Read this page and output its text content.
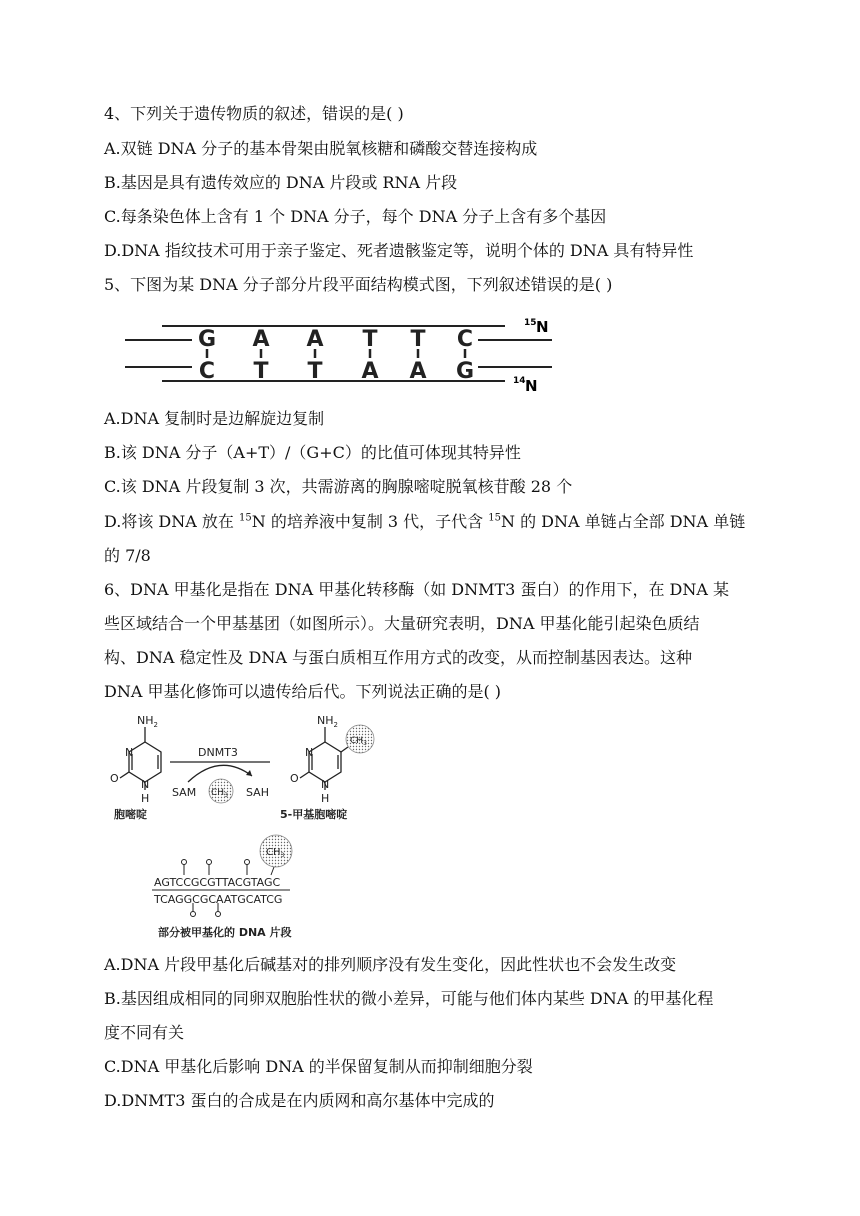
4、下列关于遗传物质的叙述，错误的是( )
A.双链 DNA 分子的基本骨架由脱氧核糖和磷酸交替连接构成
B.基因是具有遗传效应的 DNA 片段或 RNA 片段
C.每条染色体上含有 1 个 DNA 分子，每个 DNA 分子上含有多个基因
D.DNA 指纹技术可用于亲子鉴定、死者遗骸鉴定等，说明个体的 DNA 具有特异性
5、下图为某 DNA 分子部分片段平面结构模式图，下列叙述错误的是( )
G A A T T C
C T T A A G
15 N
14 N
A.DNA 复制时是边解旋边复制
B.该 DNA 分子（A+T）/（G+C）的比值可体现其特异性
C.该 DNA 片段复制 3 次，共需游离的胸腺嘧啶脱氧核苷酸 28 个
D.将该 DNA 放在 $^{15}$N 的培养液中复制 3 代，子代含 $^{15}$N 的 DNA 单链占全部 DNA 单链
的 7/8
6、DNA 甲基化是指在 DNA 甲基化转移酶（如 DNMT3 蛋白）的作用下，在 DNA 某
些区域结合一个甲基基团（如图所示）。大量研究表明，DNA 甲基化能引起染色质结
构、DNA 稳定性及 DNA 与蛋白质相互作用方式的改变，从而控制基因表达。这种
DNA 甲基化修饰可以遗传给后代。下列说法正确的是( )
$NH_2$
N
N
O
H
胞嘧啶
DNMT3
SAM $CH_3$ SAH
$NH_2$
$CH_3$
N
N
O
H
5-甲基胞嘧啶
$CH_3$
AGTCCGCGTTACGTAGC
TCAGGCGCAATGCATCG
部分被甲基化的 DNA 片段
A.DNA 片段甲基化后碱基对的排列顺序没有发生变化，因此性状也不会发生改变
B.基因组成相同的同卵双胞胎性状的微小差异，可能与他们体内某些 DNA 的甲基化程
度不同有关
C.DNA 甲基化后影响 DNA 的半保留复制从而抑制细胞分裂
D.DNMT3 蛋白的合成是在内质网和高尔基体中完成的
